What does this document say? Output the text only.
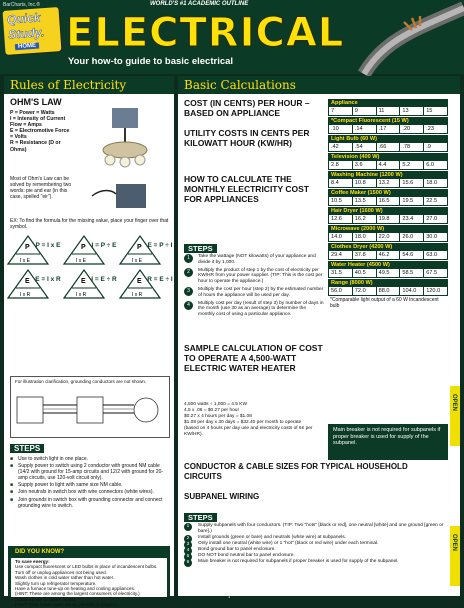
BarCharts, Inc.®
Quick
Study.
HOME
WORLD'S #1 ACADEMIC OUTLINE
ELECTRICAL
Your how-to guide to basic electrical
Rules of Electricity
OHM'S LAW
P = Power = Watts
I = Intensity of Current
Flow = Amps
E = Electromotive Force
= Volts
R = Resistance (D or
Ohms)
Most of Ohm's Law can be solved by remembering two words: pie and ear (in this case, spelled "eir").
EX: To find the formula for the missing value, place your finger over that symbol.
P
I x E
P = I x E	P
I x E
I = P ÷ E	P
I x E
E = P ÷ I
E
I x R
E = I x R	E
I x R
I = E ÷ R	E
I x R
R = E ÷ I
For illustration clarification, grounding conductors are not shown.
STEPS
■ Use to switch light in one place.
■ Supply power to switch using 2 conductor with ground NM cable (14/2 with ground for 15-amp circuits and 12/2 with ground for 20-amp circuits, use 120-volt circuit only).
■ Supply power to light with same size NM cable.
■ Join neutrals in switch box with wire connectors (white wires).
■ Join grounds in switch box with grounding connector and connect grounding wire to switch.
DID YOU KNOW?
To save energy:
Use compact fluorescent or LED bulbs in place of incandescent bulbs.
Turn off or unplug appliances not being used.
Wash clothes in cold water rather than hot water.
Slightly turn up refrigerator temperature.
Have a furnace tune-up on heating and cooling appliances.
(HINT: These are among the largest consumers of electricity.)
Install a timer on water heater.
(HINT: Only heats water during periods of usage.)
Basic Calculations
COST (IN CENTS) PER HOUR – BASED ON APPLIANCE
UTILITY COSTS IN CENTS PER KILOWATT HOUR (KW/HR)
HOW TO CALCULATE THE MONTHLY ELECTRICITY COST FOR APPLIANCES
STEPS
1	Take the wattage (NOT kilowatts) of your appliance and divide it by 1,000.
2	Multiply the product of step 1 by the cost of electricity per KW/HR from your power supplier. (TIP: This is the cost per hour to operate the appliance.)
3	Multiply the cost per hour (step 2) by the estimated number of hours the appliance will be used per day.
4	Multiply cost per day (result of step 3) by number of days in the month (use 30 as an average) to determine the monthly cost of using a particular appliance.
SAMPLE CALCULATION OF COST TO OPERATE A 4,500-WATT ELECTRIC WATER HEATER
4,500 watts ÷ 1,000 = 4.5 KW
4.5 x .06 = $0.27 per hour
$0.27 x 4 hours per day = $1.08
$1.08 per day x 30 days = $32.40 per month to operate
(based on 4 hours per day use and electricity costs of 6¢ per KW/HR).
CONDUCTOR & CABLE SIZES FOR TYPICAL HOUSEHOLD CIRCUITS
SUBPANEL WIRING
STEPS
1	Supply subpanels with four conductors. (TIP: Two "hots" [black or red], one neutral [white] and one ground [green or bare].)
2	Install grounds (green or bare) and neutrals (white wire) at subpanels.
3	Only install one neutral (white wire) or 1 "hot" (black or red wire) under each terminal.
4	Bond ground bar to panel enclosure.
5	DO NOT bond neutral bar to panel enclosure.
6	Main breaker is not required for subpanels if proper breaker is used for supply of the subpanel.
Appliance
7	9	11	13	15
*Compact Fluorescent (15 W)
.10	.14	.17	.20	.23
Light Bulb (60 W)
.42	.54	.66	.78	.9
Television (400 W)
2.8	3.6	4.4	5.2	6.0
Washing Machine (1200 W)
8.4	10.8	13.2	15.6	18.0
Coffee Maker (1500 W)
10.5	13.5	16.5	19.5	22.5
Hair Dryer (1600 W)
12.6	16.2	19.8	23.4	27.0
Microwave (2000 W)
14.0	18.0	22.0	26.0	30.0
Clothes Dryer (4200 W)
29.4	37.8	46.2	54.6	63.0
Water Heater (4500 W)
31.5	40.5	49.5	58.5	67.5
Range (8000 W)
56.0	72.0	88.0	104.0	120.0
*Comparable light output of a 60 W incandescent bulb
Main breaker is not required for subpanels if proper breaker is used for supply of the subpanel.
OPEN
OPEN
1
